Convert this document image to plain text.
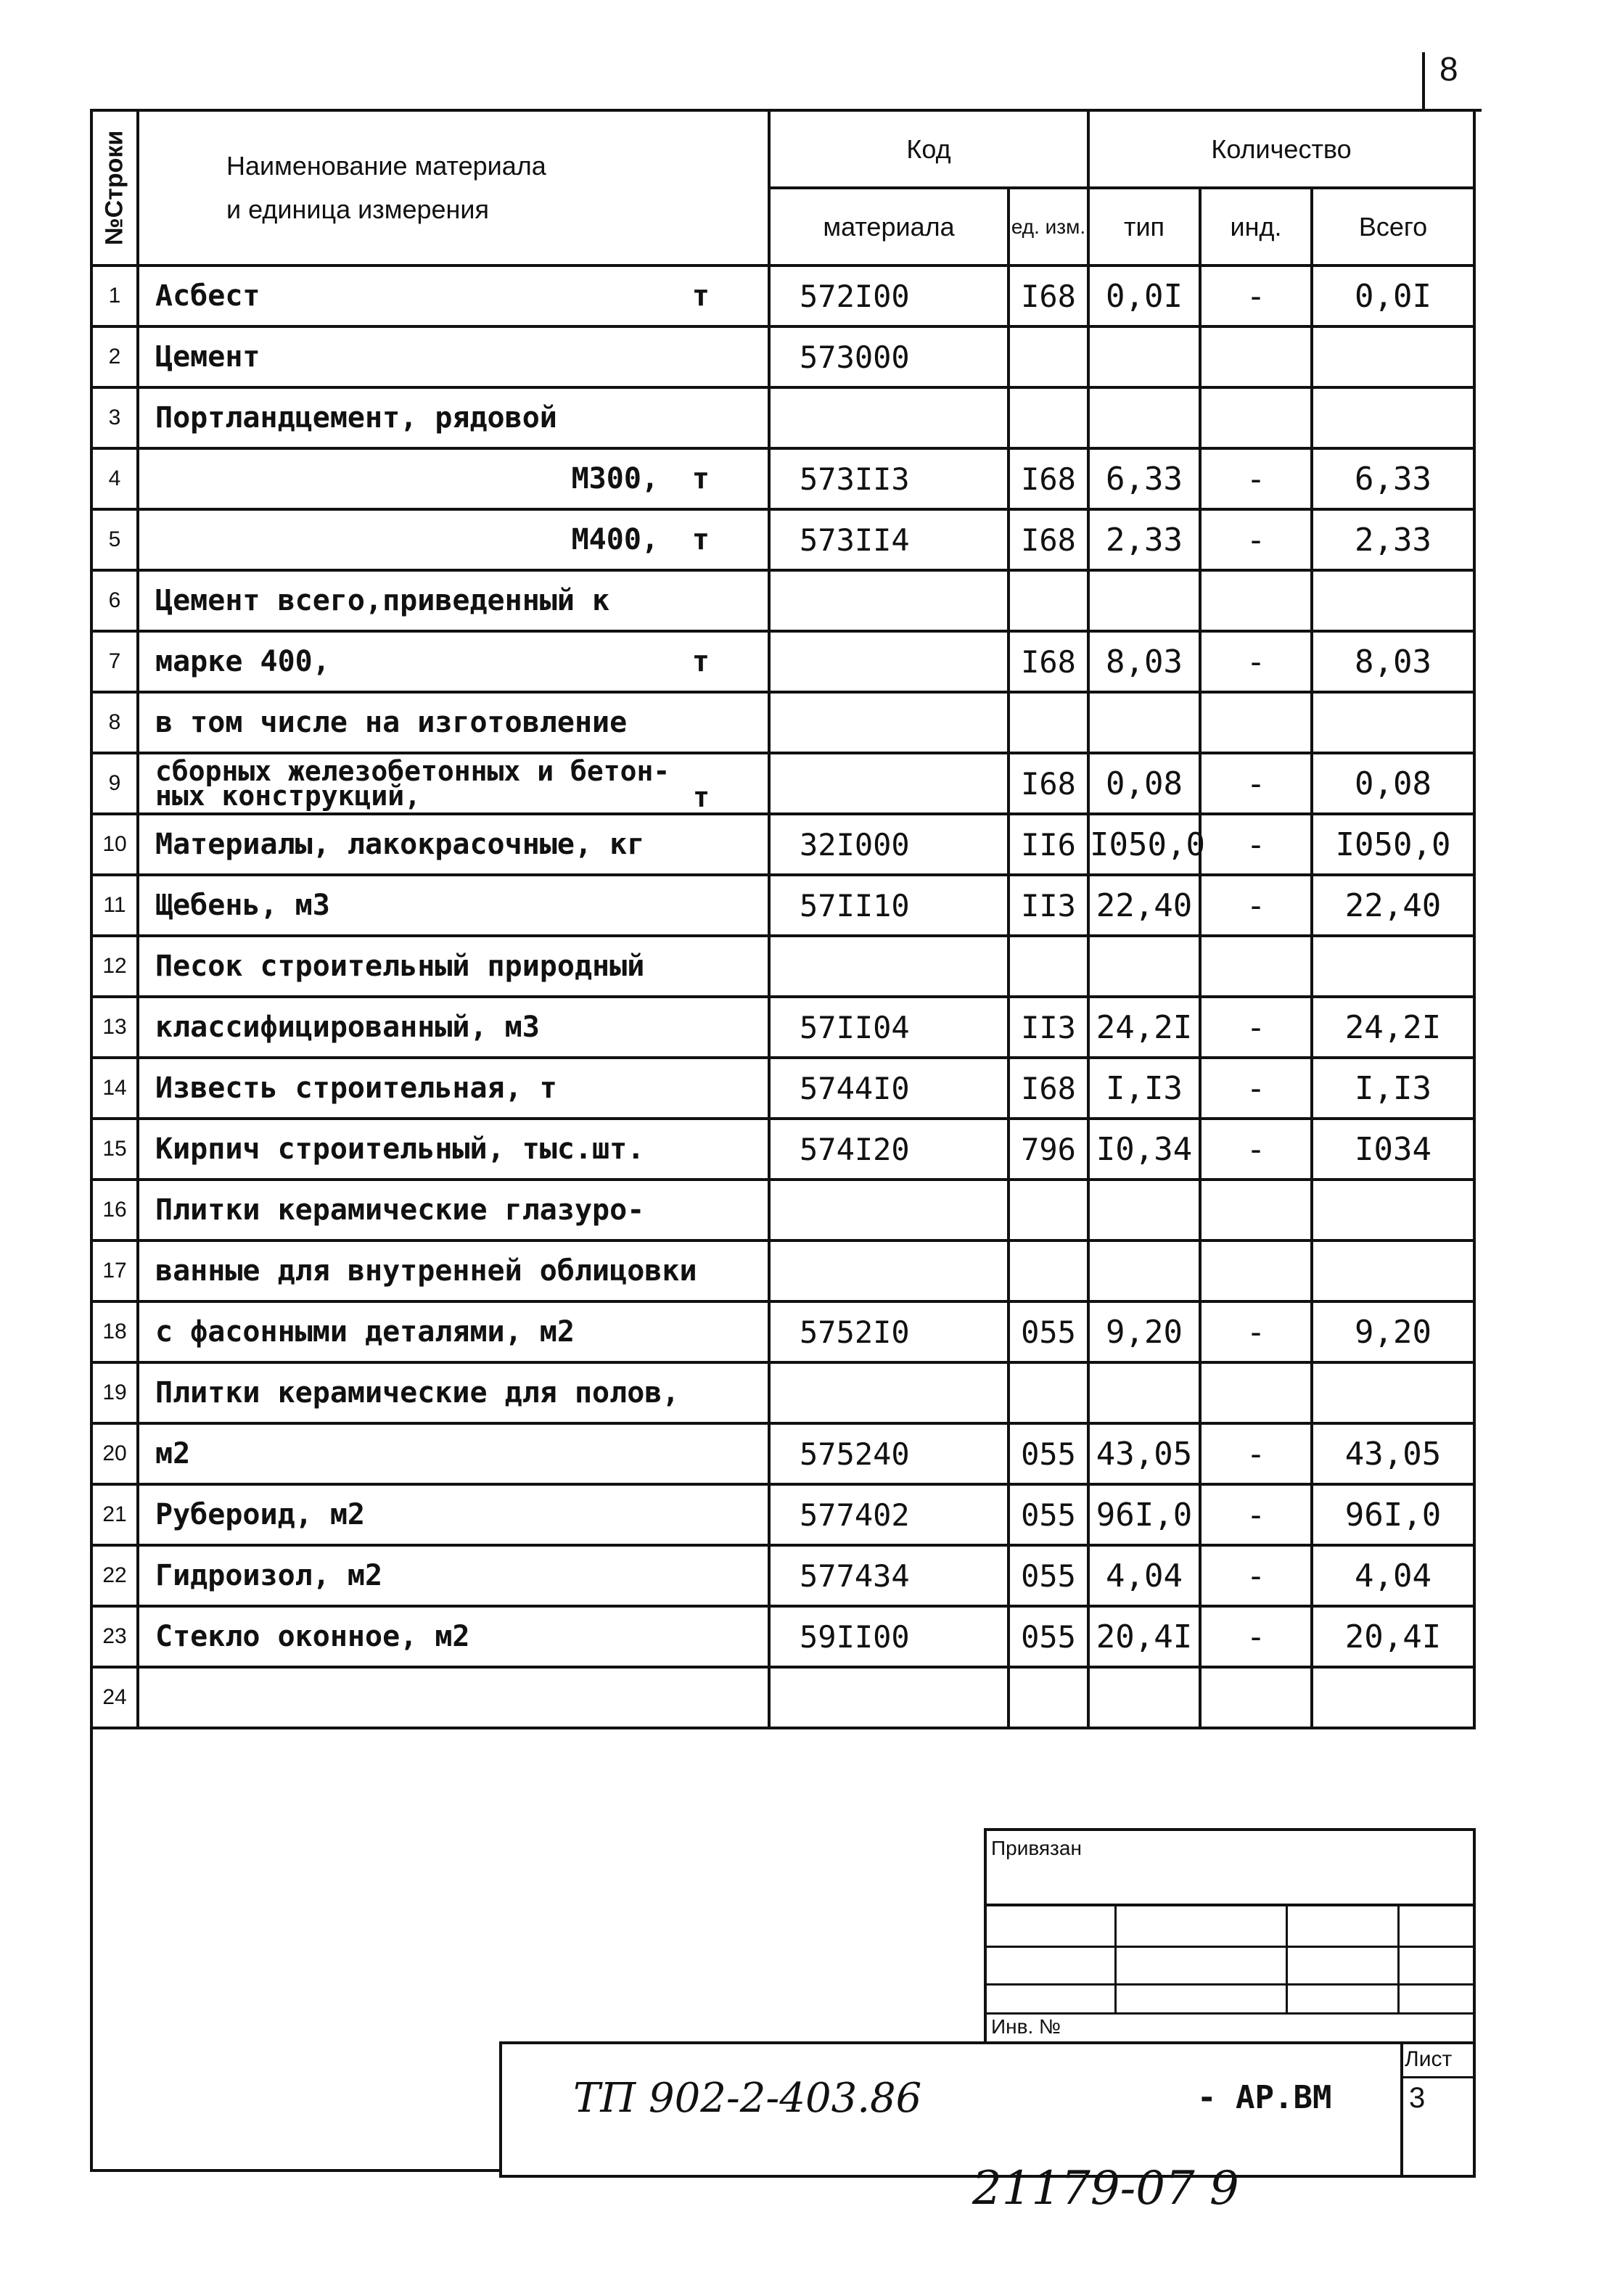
8
№Строки	Наименование материала
и единица измерения	Код		Количество		
		материала	ед. изм.	тип	инд.	Всего
1	Асбест т	572I00	I68	0,0I	-	0,0I
2	Цемент	573000				
3	Портландцемент, рядовой

4	M300, т	573II3	I68	6,33	-	6,33
5	M400, т	573II4	I68	2,33	-	2,33
6	Цемент всего,приведенный к

7	марке 400, т		I68	8,03	-	8,03
8	в том числе на изготовление

9	сборных железобетонных и бетон-
ных конструкций, т		I68	0,08	-	0,08
10	Материалы, лакокрасочные, кг	32I000	II6	I050,0	-	I050,0
11	Щебень, м3	57II10	II3	22,40	-	22,40
12	Песок строительный природный

13	классифицированный, м3	57II04	II3	24,2I	-	24,2I
14	Известь строительная, т	5744I0	I68	I,I3	-	I,I3
15	Кирпич строительный, тыс.шт.	574I20	796	I0,34	-	I034
16	Плитки керамические глазуро-

17	ванные для внутренней облицовки

18	с фасонными деталями, м2	5752I0	055	9,20	-	9,20
19	Плитки керамические для полов,

20	м2	575240	055	43,05	-	43,05
21	Рубероид, м2	577402	055	96I,0	-	96I,0
22	Гидроизол, м2	577434	055	4,04	-	4,04
23	Стекло оконное, м2	59II00	055	20,4I	-	20,4I
24	

Привязан
Инв. №
Лист
3
ТП 902-2-403.86	- АР.ВМ
21179-07 9
